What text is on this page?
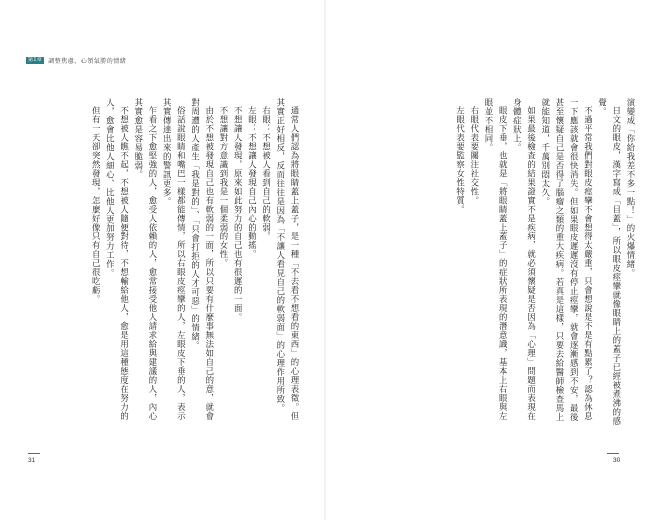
第1章	調整焦慮、心領氣勝的情緒

通常人們認為將眼睛蓋上蓋子，是一種「不去看不想看的東西」的心理表徵。但其實正好相反，反而往往是因為「不讓人看見自己的軟弱面」的心理作用所致。

右眼：不想被人看到自己的軟弱。

左眼：不想讓人發現自己內心的動搖。

不想讓人發現，原來如此努力的自己也有很遲的一面。

不想讓對方意識到我是一個柔弱的女性。

由於不想被發現自己也有軟弱的一面，所以只要有什麼事無法如自己的意，就會對周遭的人產生「我是對的」、「只會打拒的人才可惡」的情緒。

俗話說眼睛和嘴巴一樣都能傳情，所以右眼皮痙攣的人，左眼皮下垂的人，表示其實傳達出來的警訊更多。

乍看之下愈堅強的人，愈受人依賴的人，愈常接受他人請求給與建議的人，內心其實愈是容易脆弱。

不想被人瞧不起，不想被人隨便對待，不想輸給他人，愈是用這種態度在努力的人，愈會比他人細心、比他人更加努力工作。

但有一天卻突然發現，怎麼好像只有自己很吃虧。

31

演變成「你給我差不多一點！」的火爆情緒。

日文的眼皮，漢字寫成「目蓋」，所以眼皮痙攣就像眼睛上的蓋子已經被煮沸的感覺。

不過平常我們對眼皮痙攣不會想得太嚴重，只會想說是不是有點累了？認為休息一下應該就會很快消失。但如果眼皮遲遲沒有停止痙攣，就會逐漸感到不安，最後甚至懷疑自己是否得了腦瘤之類的重大疾病。若真是這樣，只要去給醫師檢查馬上就能知道，千萬別悶太久。

如果最後檢查的結果證實不是疾病，就必須懷疑是否因為「心理」問題而表現在身體症狀上。

眼皮下垂，也就是「將眼睛蓋上蓋子」的症狀所表現的潛意識，基本上右眼與左眼並不相同。

右眼代表要關注社交性。

左眼代表要監察女性特質。

30
